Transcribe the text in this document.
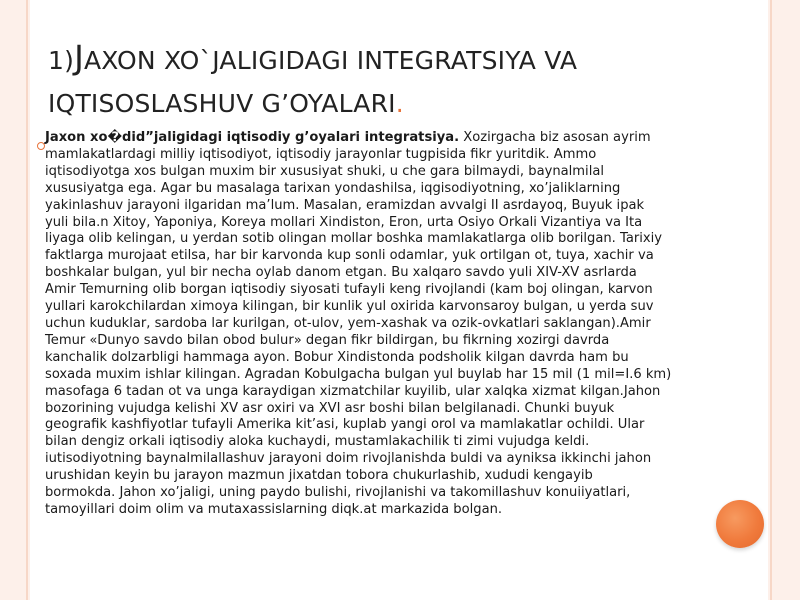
1)JAXON XO`JALIGIDAGI INTEGRATSIYA VA
IQTISOSLASHUV G’OYALARI.

Jaxon xo�did”jaligidagi iqtisodiy g’oyalari integratsiya. Xozirgacha biz asosan ayrim
mamlakatlardagi milliy iqtisodiyot, iqtisodiy jarayonlar tugpisida fikr yuritdik. Ammo
iqtisodiyotga xos bulgan muxim bir xususiyat shuki, u che gara bilmaydi, baynalmilal
xususiyatga ega. Agar bu masalaga tarixan yondashilsa, iqgisodiyotning, xo’jaliklarning
yakinlashuv jarayoni ilgaridan ma’lum. Masalan, eramizdan avvalgi II asrdayoq, Buyuk ipak
yuli bila.n Xitoy, Yaponiya, Koreya mollari Xindiston, Eron, urta Osiyo Orkali Vizantiya va Ita
liyaga olib kelingan, u yerdan sotib olingan mollar boshka mamlakatlarga olib borilgan. Tarixiy
faktlarga murojaat etilsa, har bir karvonda kup sonli odamlar, yuk ortilgan ot, tuya, xachir va
boshkalar bulgan, yul bir necha oylab danom etgan. Bu xalqaro savdo yuli XIV-XV asrlarda
Amir Temurning olib borgan iqtisodiy siyosati tufayli keng rivojlandi (kam boj olingan, karvon
yullari karokchilardan ximoya kilingan, bir kunlik yul oxirida karvonsaroy bulgan, u yerda suv
uchun kuduklar, sardoba lar kurilgan, ot-ulov, yem-xashak va ozik-ovkatlari saklangan).Amir
Temur «Dunyo savdo bilan obod bulur» degan fikr bildirgan, bu fikrning xozirgi davrda
kanchalik dolzarbligi hammaga ayon. Bobur Xindistonda podsholik kilgan davrda ham bu
soxada muxim ishlar kilingan. Agradan Kobulgacha bulgan yul buylab har 15 mil (1 mil=I.6 km)
masofaga 6 tadan ot va unga karaydigan xizmatchilar kuyilib, ular xalqka xizmat kilgan.Jahon
bozorining vujudga kelishi XV asr oxiri va XVI asr boshi bilan belgilanadi. Chunki buyuk
geografik kashfiyotlar tufayli Amerika kit’asi, kuplab yangi orol va mamlakatlar ochildi. Ular
bilan dengiz orkali iqtisodiy aloka kuchaydi, mustamlakachilik ti zimi vujudga keldi.
iutisodiyotning baynalmilallashuv jarayoni doim rivojlanishda buldi va ayniksa ikkinchi jahon
urushidan keyin bu jarayon mazmun jixatdan tobora chukurlashib, xududi kengayib
bormokda. Jahon xo’jaligi, uning paydo bulishi, rivojlanishi va takomillashuv konuiiyatlari,
tamoyillari doim olim va mutaxassislarning diqk.at markazida bolgan.
